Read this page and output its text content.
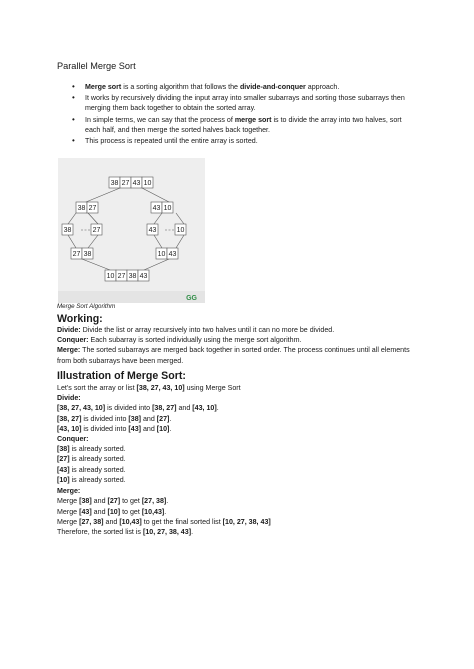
Parallel Merge Sort
• Merge sort is a sorting algorithm that follows the divide-and-conquer approach.
• It works by recursively dividing the input array into smaller subarrays and sorting those subarrays then merging them back together to obtain the sorted array.
• In simple terms, we can say that the process of merge sort is to divide the array into two halves, sort each half, and then merge the sorted halves back together.
• This process is repeated until the entire array is sorted.
38 27 43 10
38 27	43 10
38	27	43	10
27 38	10 43
10 27 38 43
GG
Merge Sort Algorithm
Working:
Divide: Divide the list or array recursively into two halves until it can no more be divided.
Conquer: Each subarray is sorted individually using the merge sort algorithm.
Merge: The sorted subarrays are merged back together in sorted order. The process continues until all elements from both subarrays have been merged.
Illustration of Merge Sort:
Let’s sort the array or list [38, 27, 43, 10] using Merge Sort
Divide:
[38, 27, 43, 10] is divided into [38, 27] and [43, 10].
[38, 27] is divided into [38] and [27].
[43, 10] is divided into [43] and [10].
Conquer:
[38] is already sorted.
[27] is already sorted.
[43] is already sorted.
[10] is already sorted.
Merge:
Merge [38] and [27] to get [27, 38].
Merge [43] and [10] to get [10,43].
Merge [27, 38] and [10,43] to get the final sorted list [10, 27, 38, 43]
Therefore, the sorted list is [10, 27, 38, 43].
